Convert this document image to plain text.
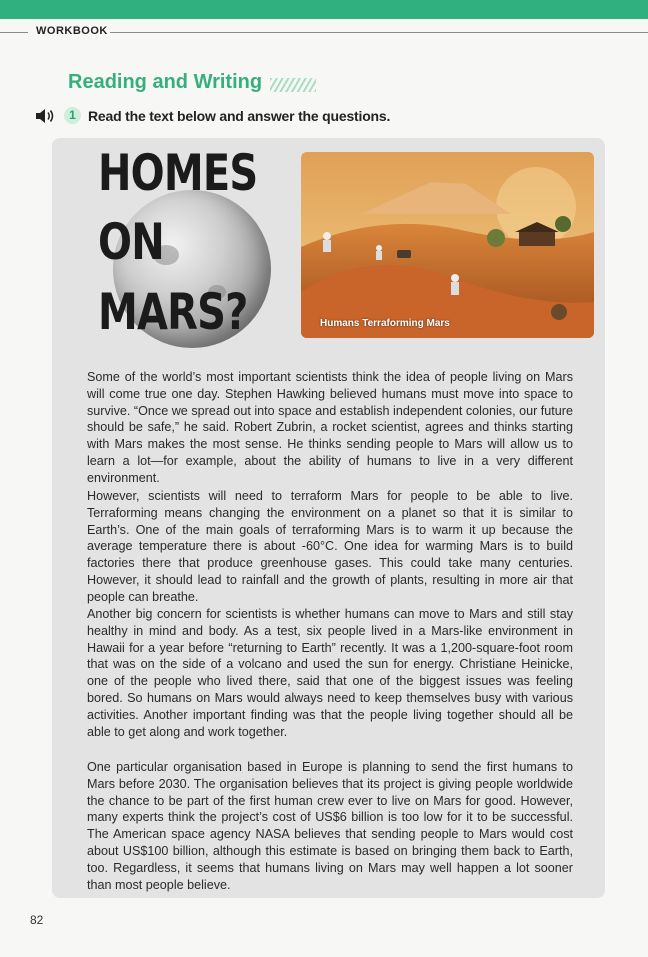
WORKBOOK
Reading and Writing
1 Read the text below and answer the questions.
HOMES
ON
MARS?	Humans Terraforming Mars

Some of the world’s most important scientists think the idea of people living on Mars will come true one day. Stephen Hawking believed humans must move into space to survive. “Once we spread out into space and establish independent colonies, our future should be safe,” he said. Robert Zubrin, a rocket scientist, agrees and thinks starting with Mars makes the most sense. He thinks sending people to Mars will allow us to learn a lot—for example, about the ability of humans to live in a very different environment.

However, scientists will need to terraform Mars for people to be able to live. Terraforming means changing the environment on a planet so that it is similar to Earth’s. One of the main goals of terraforming Mars is to warm it up because the average temperature there is about -60°C. One idea for warming Mars is to build factories there that produce greenhouse gases. This could take many centuries. However, it should lead to rainfall and the growth of plants, resulting in more air that people can breathe.

Another big concern for scientists is whether humans can move to Mars and still stay healthy in mind and body. As a test, six people lived in a Mars-like environment in Hawaii for a year before “returning to Earth” recently. It was a 1,200-square-foot room that was on the side of a volcano and used the sun for energy. Christiane Heinicke, one of the people who lived there, said that one of the biggest issues was feeling bored. So humans on Mars would always need to keep themselves busy with various activities. Another important finding was that the people living together should all be able to get along and work together.

One particular organisation based in Europe is planning to send the first humans to Mars before 2030. The organisation believes that its project is giving people worldwide the chance to be part of the first human crew ever to live on Mars for good. However, many experts think the project’s cost of US$6 billion is too low for it to be successful. The American space agency NASA believes that sending people to Mars would cost about US$100 billion, although this estimate is based on bringing them back to Earth, too. Regardless, it seems that humans living on Mars may well happen a lot sooner than most people believe.

82
